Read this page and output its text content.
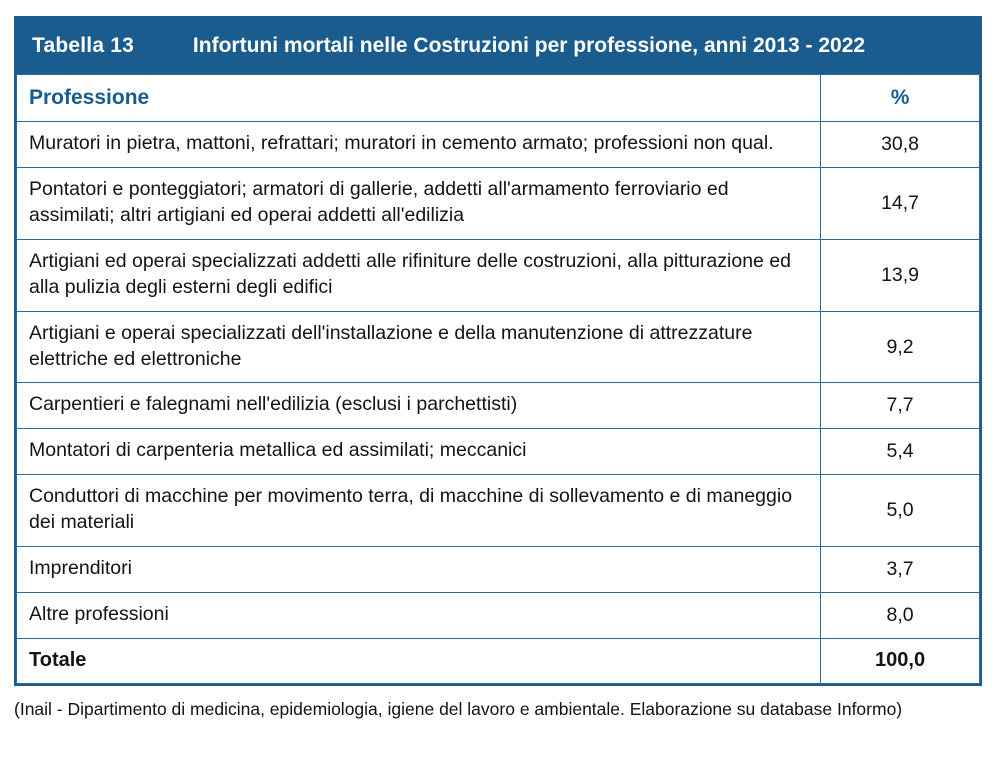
Tabella 13	Infortuni mortali nelle Costruzioni per professione, anni 2013 - 2022
Professione	%
Muratori in pietra, mattoni, refrattari; muratori in cemento armato; professioni non qual.	30,8
Pontatori e ponteggiatori; armatori di gallerie, addetti all'armamento ferroviario ed assimilati; altri artigiani ed operai addetti all'edilizia	14,7
Artigiani ed operai specializzati addetti alle rifiniture delle costruzioni, alla pitturazione ed alla pulizia degli esterni degli edifici	13,9
Artigiani e operai specializzati dell'installazione e della manutenzione di attrezzature elettriche ed elettroniche	9,2
Carpentieri e falegnami nell'edilizia (esclusi i parchettisti)	7,7
Montatori di carpenteria metallica ed assimilati; meccanici	5,4
Conduttori di macchine per movimento terra, di macchine di sollevamento e di maneggio dei materiali	5,0
Imprenditori	3,7
Altre professioni	8,0
Totale	100,0
(Inail - Dipartimento di medicina, epidemiologia, igiene del lavoro e ambientale. Elaborazione su database Informo)
